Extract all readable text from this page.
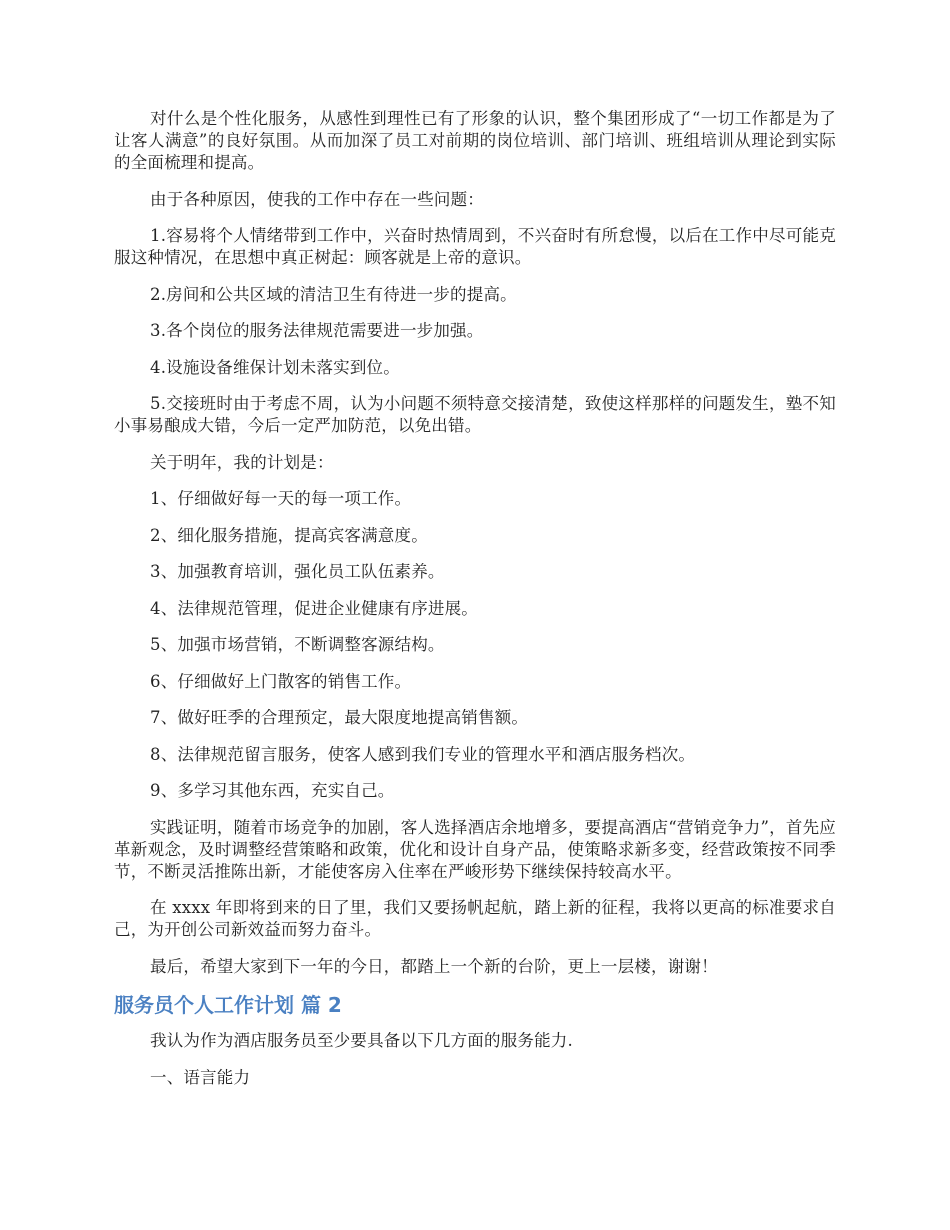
对什么是个性化服务，从感性到理性已有了形象的认识，整个集团形成了“一切工作都是为了让客人满意”的良好氛围。从而加深了员工对前期的岗位培训、部门培训、班组培训从理论到实际的全面梳理和提高。

由于各种原因，使我的工作中存在一些问题：

1.容易将个人情绪带到工作中，兴奋时热情周到，不兴奋时有所怠慢，以后在工作中尽可能克服这种情况，在思想中真正树起：顾客就是上帝的意识。

2.房间和公共区域的清洁卫生有待进一步的提高。

3.各个岗位的服务法律规范需要进一步加强。

4.设施设备维保计划未落实到位。

5.交接班时由于考虑不周，认为小问题不须特意交接清楚，致使这样那样的问题发生，塾不知小事易酿成大错，今后一定严加防范，以免出错。

关于明年，我的计划是：

1、仔细做好每一天的每一项工作。

2、细化服务措施，提高宾客满意度。

3、加强教育培训，强化员工队伍素养。

4、法律规范管理，促进企业健康有序进展。

5、加强市场营销，不断调整客源结构。

6、仔细做好上门散客的销售工作。

7、做好旺季的合理预定，最大限度地提高销售额。

8、法律规范留言服务，使客人感到我们专业的管理水平和酒店服务档次。

9、多学习其他东西，充实自己。

实践证明，随着市场竞争的加剧，客人选择酒店余地增多，要提高酒店“营销竞争力”，首先应革新观念，及时调整经营策略和政策，优化和设计自身产品，使策略求新多变，经营政策按不同季节，不断灵活推陈出新，才能使客房入住率在严峻形势下继续保持较高水平。

在 xxxx 年即将到来的日了里，我们又要扬帆起航，踏上新的征程，我将以更高的标准要求自己，为开创公司新效益而努力奋斗。

最后，希望大家到下一年的今日，都踏上一个新的台阶，更上一层楼，谢谢！

服务员个人工作计划 篇 2

我认为作为酒店服务员至少要具备以下几方面的服务能力.

一、语言能力
